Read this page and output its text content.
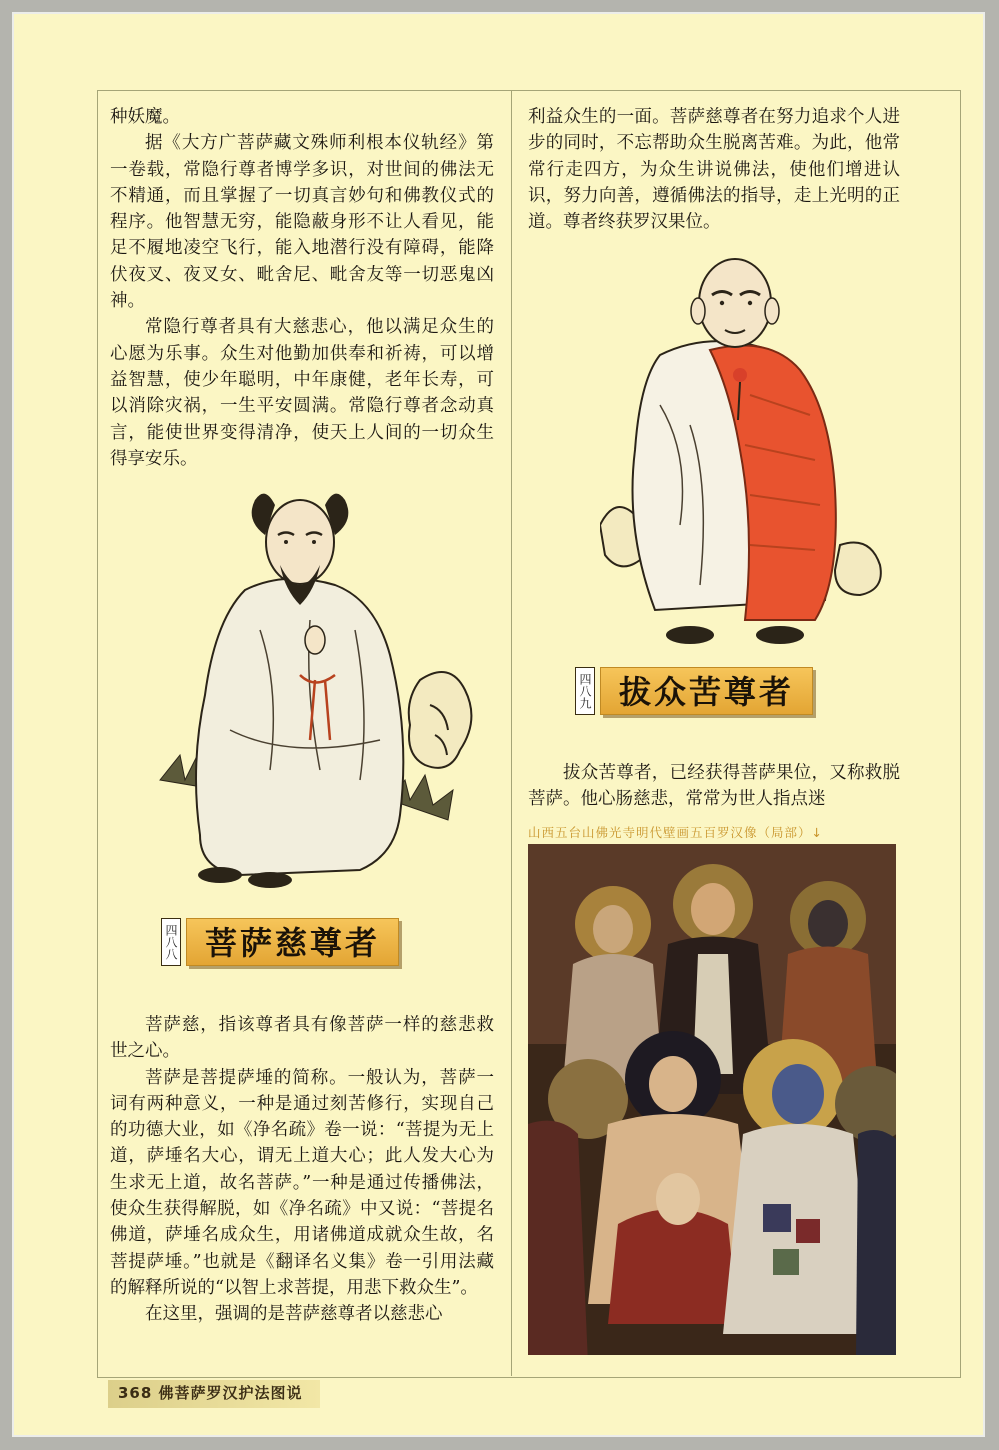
种妖魔。

据《大方广菩萨藏文殊师利根本仪轨经》第一卷载，常隐行尊者博学多识，对世间的佛法无不精通，而且掌握了一切真言妙句和佛教仪式的程序。他智慧无穷，能隐蔽身形不让人看见，能足不履地凌空飞行，能入地潜行没有障碍，能降伏夜叉、夜叉女、毗舍尼、毗舍友等一切恶鬼凶神。

常隐行尊者具有大慈悲心，他以满足众生的心愿为乐事。众生对他勤加供奉和祈祷，可以增益智慧，使少年聪明，中年康健，老年长寿，可以消除灾祸，一生平安圆满。常隐行尊者念动真言，能使世界变得清净，使天上人间的一切众生得享安乐。

四八八 菩萨慈尊者

菩萨慈，指该尊者具有像菩萨一样的慈悲救世之心。

菩萨是菩提萨埵的简称。一般认为，菩萨一词有两种意义，一种是通过刻苦修行，实现自己的功德大业，如《净名疏》卷一说：“菩提为无上道，萨埵名大心，谓无上道大心；此人发大心为生求无上道，故名菩萨。”一种是通过传播佛法，使众生获得解脱，如《净名疏》中又说：“菩提名佛道，萨埵名成众生，用诸佛道成就众生故，名菩提萨埵。”也就是《翻译名义集》卷一引用法藏的解释所说的“以智上求菩提，用悲下救众生”。

在这里，强调的是菩萨慈尊者以慈悲心

利益众生的一面。菩萨慈尊者在努力追求个人进步的同时，不忘帮助众生脱离苦难。为此，他常常行走四方，为众生讲说佛法，使他们增进认识，努力向善，遵循佛法的指导，走上光明的正道。尊者终获罗汉果位。

四八九 拔众苦尊者

拔众苦尊者，已经获得菩萨果位，又称救脱菩萨。他心肠慈悲，常常为世人指点迷

山西五台山佛光寺明代壁画五百罗汉像（局部）↓
368 佛菩萨罗汉护法图说
